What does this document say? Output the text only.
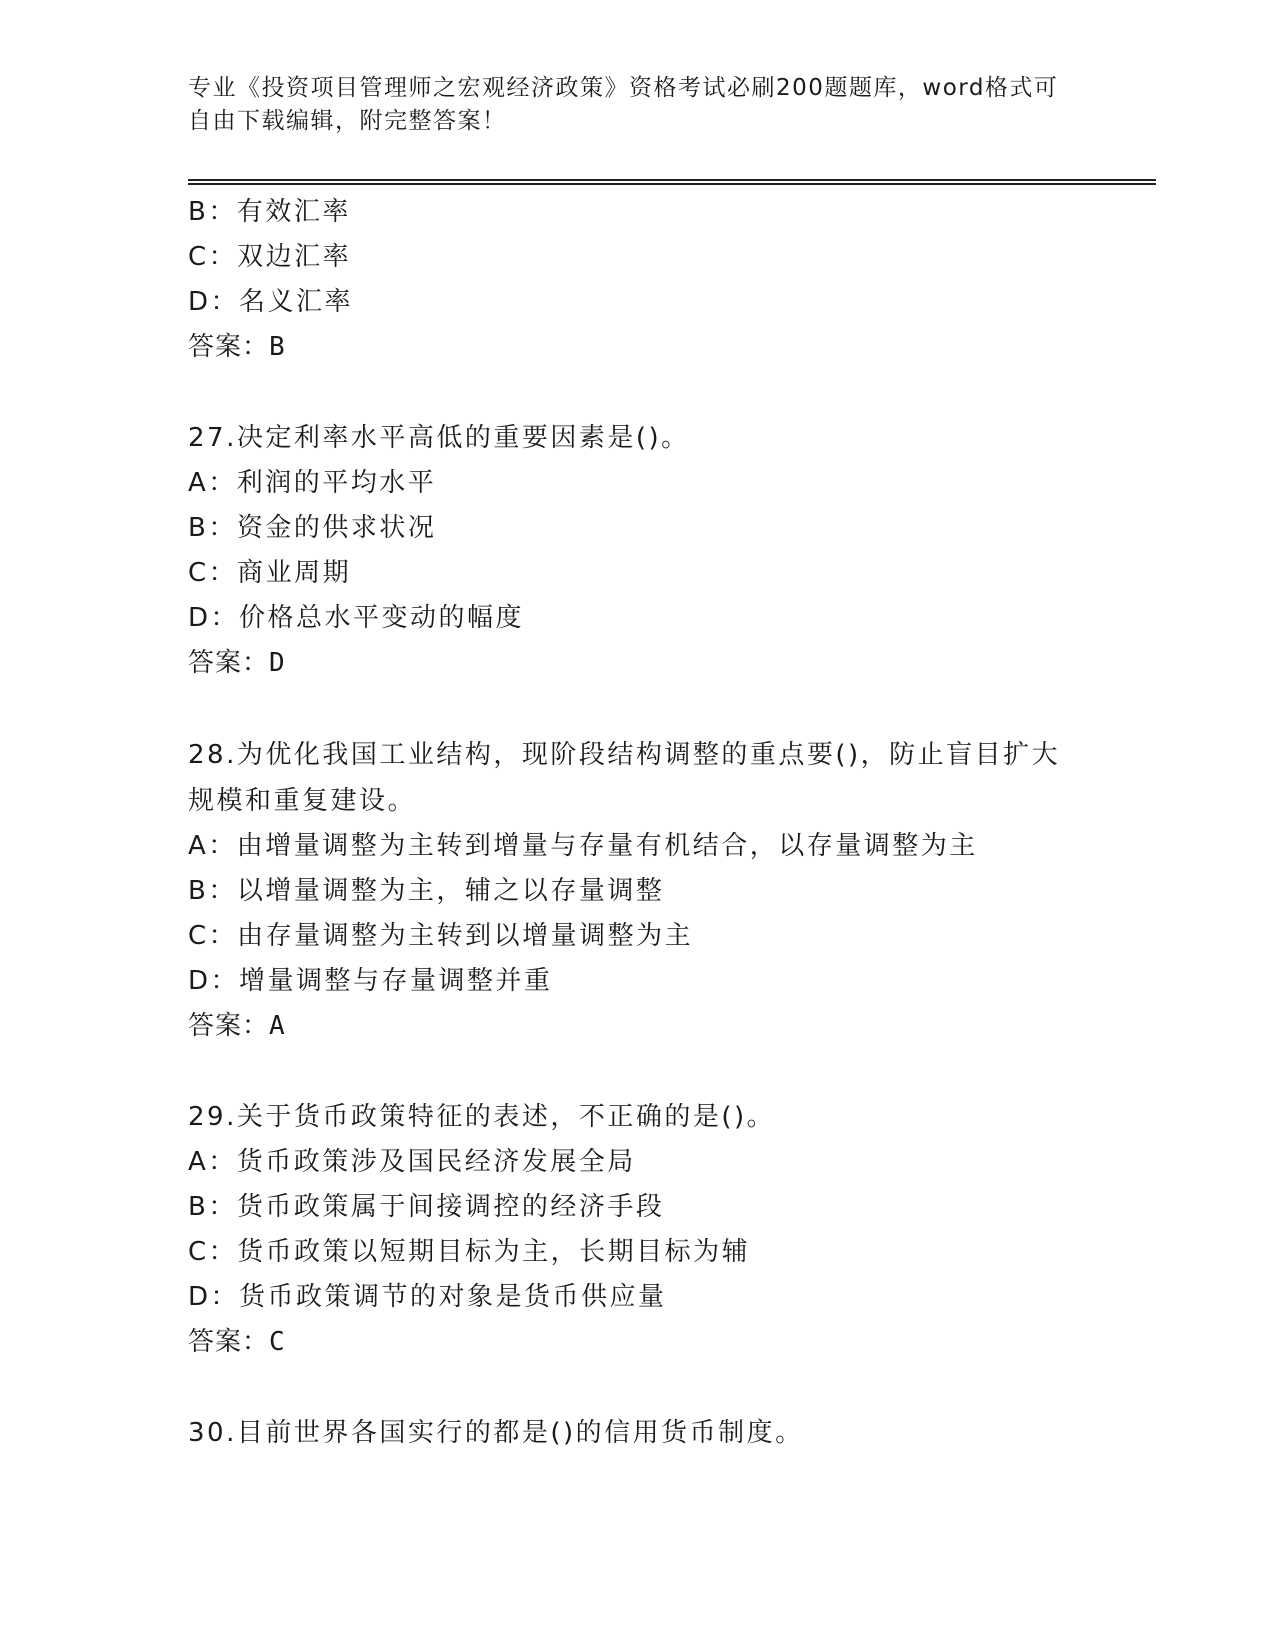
专业《投资项目管理师之宏观经济政策》资格考试必刷200题题库，word格式可
自由下载编辑，附完整答案！
B：有效汇率
C：双边汇率
D：名义汇率
答案：B
27.决定利率水平高低的重要因素是()。
A：利润的平均水平
B：资金的供求状况
C：商业周期
D：价格总水平变动的幅度
答案：D
28.为优化我国工业结构，现阶段结构调整的重点要()，防止盲目扩大规模和重复建设。
A：由增量调整为主转到增量与存量有机结合，以存量调整为主
B：以增量调整为主，辅之以存量调整
C：由存量调整为主转到以增量调整为主
D：增量调整与存量调整并重
答案：A
29.关于货币政策特征的表述，不正确的是()。
A：货币政策涉及国民经济发展全局
B：货币政策属于间接调控的经济手段
C：货币政策以短期目标为主，长期目标为辅
D：货币政策调节的对象是货币供应量
答案：C
30.目前世界各国实行的都是()的信用货币制度。
